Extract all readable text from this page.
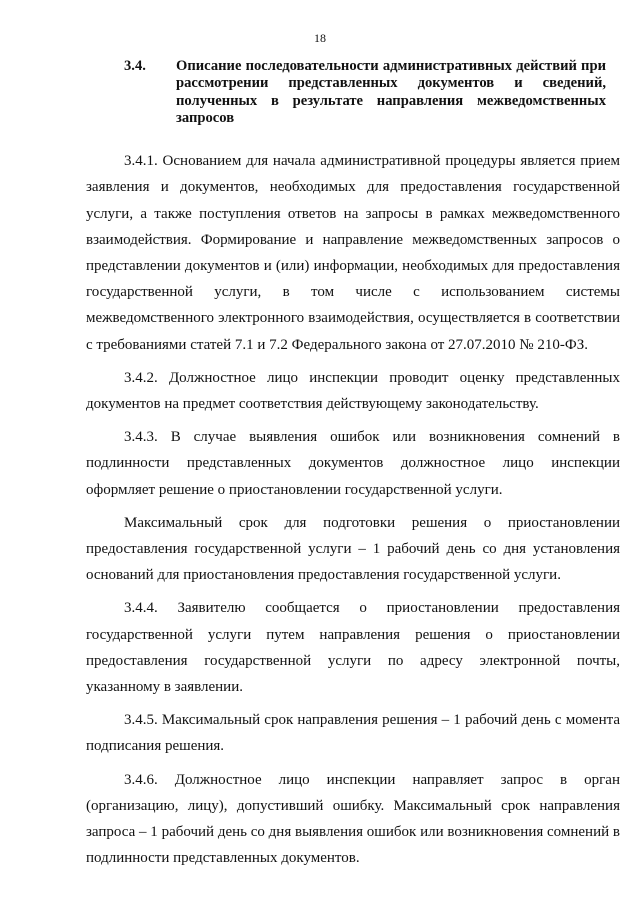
18
3.4.	Описание последовательности административных действий при рассмотрении представленных документов и сведений, полученных в результате направления межведомственных запросов

3.4.1. Основанием для начала административной процедуры является прием заявления и документов, необходимых для предоставления государственной услуги, а также поступления ответов на запросы в рамках межведомственного взаимодействия. Формирование и направление межведомственных запросов о представлении документов и (или) информации, необходимых для предоставления государственной услуги, в том числе с использованием системы межведомственного электронного взаимодействия, осуществляется в соответствии с требованиями статей 7.1 и 7.2 Федерального закона от 27.07.2010 № 210-ФЗ.

3.4.2. Должностное лицо инспекции проводит оценку представленных документов на предмет соответствия действующему законодательству.

3.4.3. В случае выявления ошибок или возникновения сомнений в подлинности представленных документов должностное лицо инспекции оформляет решение о приостановлении государственной услуги.

Максимальный срок для подготовки решения о приостановлении предоставления государственной услуги – 1 рабочий день со дня установления оснований для приостановления предоставления государственной услуги.

3.4.4. Заявителю сообщается о приостановлении предоставления государственной услуги путем направления решения о приостановлении предоставления государственной услуги по адресу электронной почты, указанному в заявлении.

3.4.5. Максимальный срок направления решения – 1 рабочий день с момента подписания решения.

3.4.6. Должностное лицо инспекции направляет запрос в орган (организацию, лицу), допустивший ошибку. Максимальный срок направления запроса – 1 рабочий день со дня выявления ошибок или возникновения сомнений в подлинности представленных документов.
